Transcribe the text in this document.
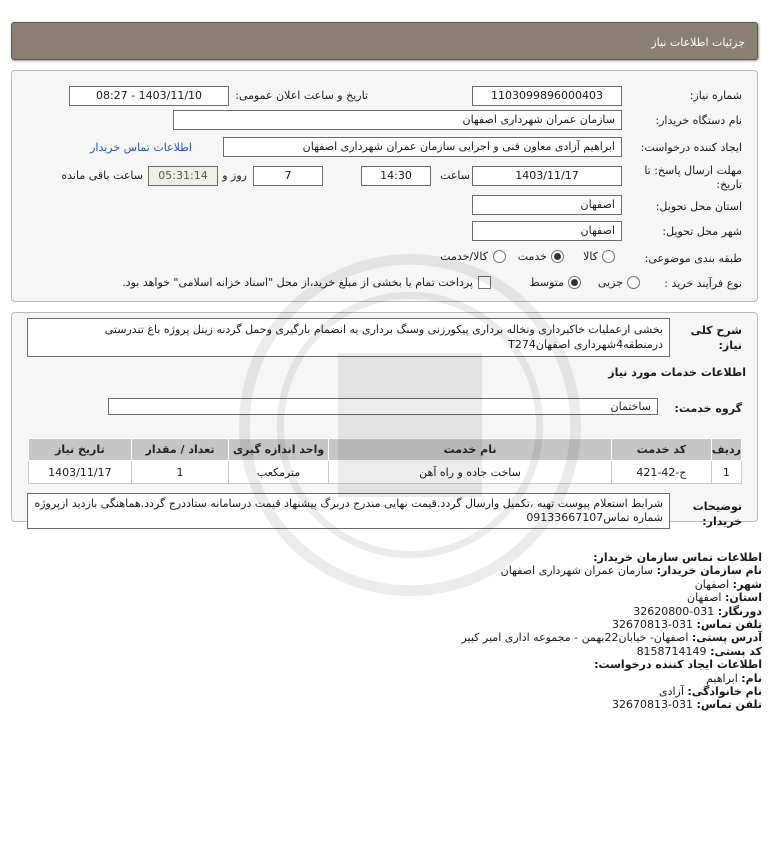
جزئیات اطلاعات نیاز
شماره نیاز:
1103099896000403
تاریخ و ساعت اعلان عمومی:
1403/11/10 - 08:27
نام دستگاه خریدار:
سازمان عمران شهرداری اصفهان
ایجاد کننده درخواست:
ابراهیم آزادی معاون فنی و اجرایی سازمان عمران شهرداری اصفهان
اطلاعات تماس خریدار
مهلت ارسال پاسخ: تا
تاریخ:
1403/11/17
ساعت
14:30
7
روز و
05:31:14
ساعت باقی مانده
استان محل تحویل:
اصفهان
شهر محل تحویل:
اصفهان
طبقه بندی موضوعی:
کالا
خدمت
کالا/خدمت
نوع فرآیند خرید :
جزیی
متوسط
پرداخت تمام یا بخشی از مبلغ خرید،از محل "اسناد خزانه اسلامی" خواهد بود.
شرح کلی
نیاز:
بخشی ازعملیات خاکبرداری ونخاله برداری پیکورزنی وسنگ برداری به انضمام بارگیری وحمل گردنه زینل پروژه باغ تندرستی درمنطقه4شهرداری اصفهانT274
اطلاعات خدمات مورد نیاز
گروه خدمت:
ساختمان
ردیف	کد خدمت	نام خدمت	واحد اندازه گیری	تعداد / مقدار	تاریخ نیاز
1	ج-42-421	ساخت جاده و راه آهن	مترمکعب	1	1403/11/17
توضیحات
خریدار:
شرایط استعلام پیوست تهیه ،تکمیل وارسال گردد.قیمت نهایی مندرج دربرگ پیشنهاد قیمت درسامانه ستاددرج گردد.هماهنگی بازدید ازپروژه شماره تماس09133667107
اطلاعات تماس سازمان خریدار:
نام سازمان خریدار: سازمان عمران شهرداری اصفهان
شهر: اصفهان
استان: اصفهان
دورنگار: 031-32620800
تلفن تماس: 031-32670813
آدرس پستی: اصفهان- خیابان22بهمن - مجموعه اداری امیر کبیر
کد پستی: 8158714149
اطلاعات ایجاد کننده درخواست:
نام: ابراهیم
نام خانوادگی: آزادی
تلفن تماس: 031-32670813
